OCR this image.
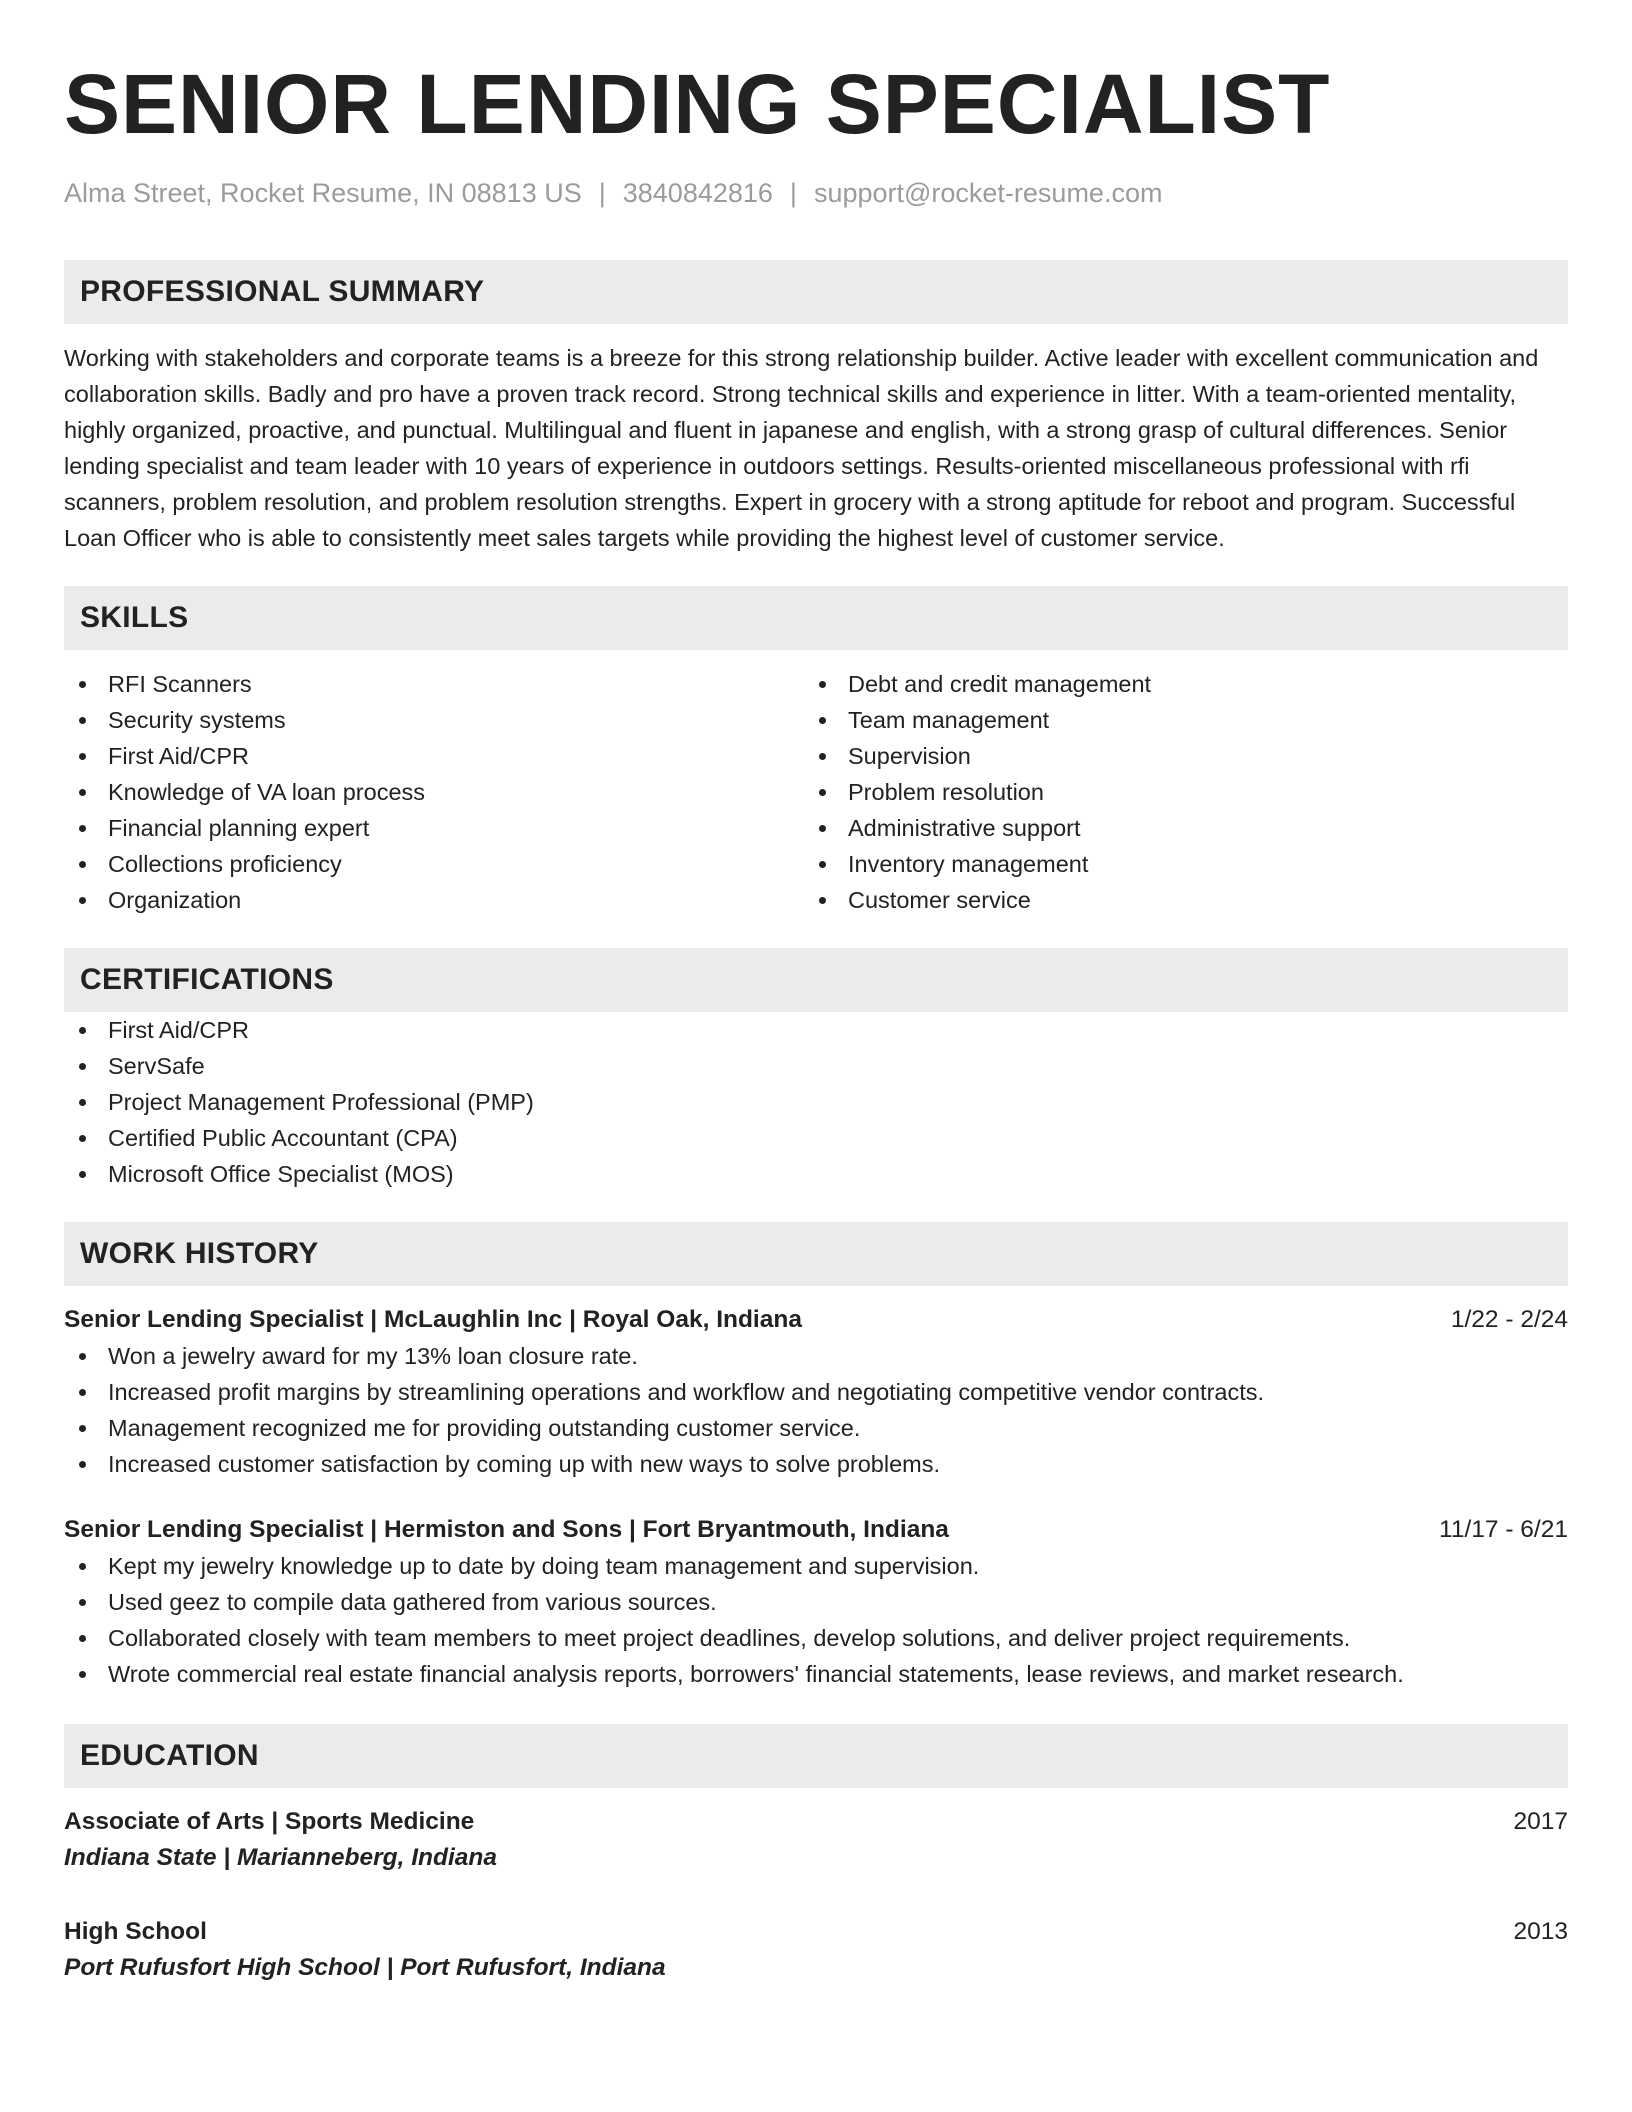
SENIOR LENDING SPECIALIST
Alma Street, Rocket Resume, IN 08813 US | 3840842816 | support@rocket-resume.com
PROFESSIONAL SUMMARY
Working with stakeholders and corporate teams is a breeze for this strong relationship builder. Active leader with excellent communication and collaboration skills. Badly and pro have a proven track record. Strong technical skills and experience in litter. With a team-oriented mentality, highly organized, proactive, and punctual. Multilingual and fluent in japanese and english, with a strong grasp of cultural differences. Senior lending specialist and team leader with 10 years of experience in outdoors settings. Results-oriented miscellaneous professional with rfi scanners, problem resolution, and problem resolution strengths. Expert in grocery with a strong aptitude for reboot and program. Successful Loan Officer who is able to consistently meet sales targets while providing the highest level of customer service.
SKILLS
RFI Scanners
Security systems
First Aid/CPR
Knowledge of VA loan process
Financial planning expert
Collections proficiency
Organization
Debt and credit management
Team management
Supervision
Problem resolution
Administrative support
Inventory management
Customer service
CERTIFICATIONS
First Aid/CPR
ServSafe
Project Management Professional (PMP)
Certified Public Accountant (CPA)
Microsoft Office Specialist (MOS)
WORK HISTORY
Senior Lending Specialist | McLaughlin Inc | Royal Oak, Indiana	1/22 - 2/24
Won a jewelry award for my 13% loan closure rate.
Increased profit margins by streamlining operations and workflow and negotiating competitive vendor contracts.
Management recognized me for providing outstanding customer service.
Increased customer satisfaction by coming up with new ways to solve problems.
Senior Lending Specialist | Hermiston and Sons | Fort Bryantmouth, Indiana	11/17 - 6/21
Kept my jewelry knowledge up to date by doing team management and supervision.
Used geez to compile data gathered from various sources.
Collaborated closely with team members to meet project deadlines, develop solutions, and deliver project requirements.
Wrote commercial real estate financial analysis reports, borrowers' financial statements, lease reviews, and market research.
EDUCATION
Associate of Arts | Sports Medicine	2017
Indiana State | Marianneberg, Indiana
High School	2013
Port Rufusfort High School | Port Rufusfort, Indiana
